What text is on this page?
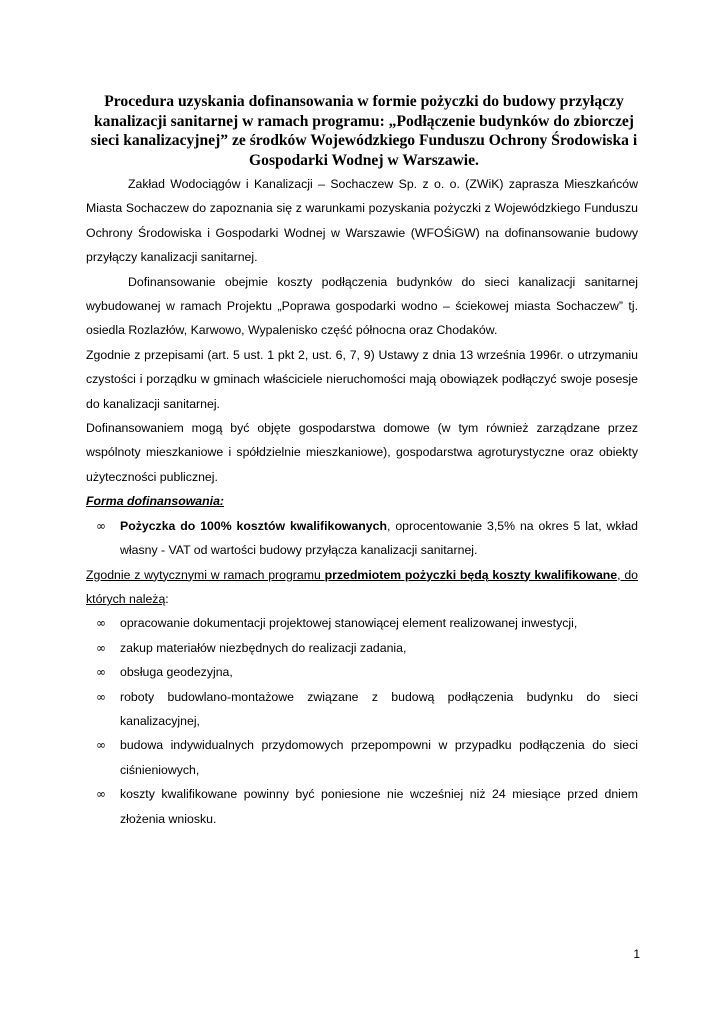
Procedura uzyskania dofinansowania w formie pożyczki do budowy przyłączy kanalizacji sanitarnej w ramach programu: „Podłączenie budynków do zbiorczej sieci kanalizacyjnej” ze środków Wojewódzkiego Funduszu Ochrony Środowiska i Gospodarki Wodnej w Warszawie.

Zakład Wodociągów i Kanalizacji – Sochaczew Sp. z o. o. (ZWiK) zaprasza Mieszkańców Miasta Sochaczew do zapoznania się z warunkami pozyskania pożyczki z Wojewódzkiego Funduszu Ochrony Środowiska i Gospodarki Wodnej w Warszawie (WFOŚiGW) na dofinansowanie budowy przyłączy kanalizacji sanitarnej.

Dofinansowanie obejmie koszty podłączenia budynków do sieci kanalizacji sanitarnej wybudowanej w ramach Projektu „Poprawa gospodarki wodno – ściekowej miasta Sochaczew” tj. osiedla Rozlazłów, Karwowo, Wypalenisko część północna oraz Chodaków.

Zgodnie z przepisami (art. 5 ust. 1 pkt 2, ust. 6, 7, 9) Ustawy z dnia 13 września 1996r. o utrzymaniu czystości i porządku w gminach właściciele nieruchomości mają obowiązek podłączyć swoje posesje do kanalizacji sanitarnej.

Dofinansowaniem mogą być objęte gospodarstwa domowe (w tym również zarządzane przez wspólnoty mieszkaniowe i spółdzielnie mieszkaniowe), gospodarstwa agroturystyczne oraz obiekty użyteczności publicznej.

Forma dofinansowania:

∞ Pożyczka do 100% kosztów kwalifikowanych, oprocentowanie 3,5% na okres 5 lat, wkład własny - VAT od wartości budowy przyłącza kanalizacji sanitarnej.

Zgodnie z wytycznymi w ramach programu przedmiotem pożyczki będą koszty kwalifikowane, do których należą:

∞ opracowanie dokumentacji projektowej stanowiącej element realizowanej inwestycji,
∞ zakup materiałów niezbędnych do realizacji zadania,
∞ obsługa geodezyjna,
∞ roboty budowlano-montażowe związane z budową podłączenia budynku do sieci kanalizacyjnej,
∞ budowa indywidualnych przydomowych przepompowni w przypadku podłączenia do sieci ciśnieniowych,
∞ koszty kwalifikowane powinny być poniesione nie wcześniej niż 24 miesiące przed dniem złożenia wniosku.
1
